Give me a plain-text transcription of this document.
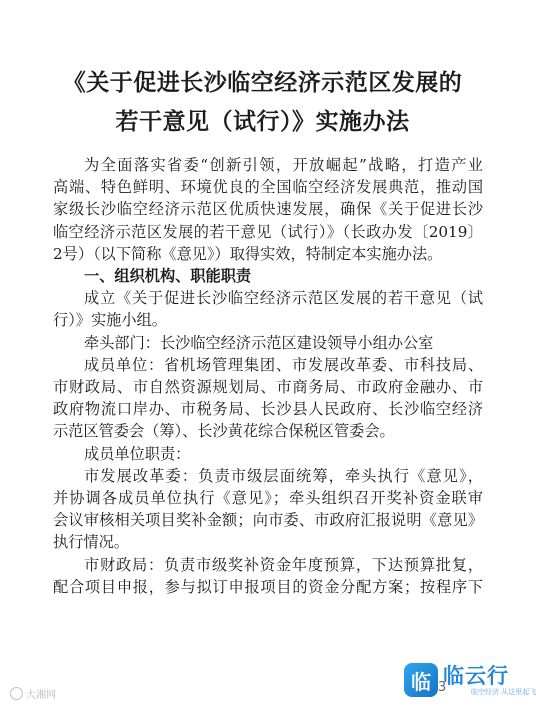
《关于促进长沙临空经济示范区发展的
若干意见（试行）》实施办法
为全面落实省委“创新引领，开放崛起”战略，打造产业
高端、特色鲜明、环境优良的全国临空经济发展典范，推动国
家级长沙临空经济示范区优质快速发展，确保《关于促进长沙
临空经济示范区发展的若干意见（试行）》（长政办发〔2019〕
2号）（以下简称《意见》）取得实效，特制定本实施办法。
一、组织机构、职能职责
成立《关于促进长沙临空经济示范区发展的若干意见（试
行）》实施小组。
牵头部门：长沙临空经济示范区建设领导小组办公室
成员单位：省机场管理集团、市发展改革委、市科技局、
市财政局、市自然资源规划局、市商务局、市政府金融办、市
政府物流口岸办、市税务局、长沙县人民政府、长沙临空经济
示范区管委会（筹）、长沙黄花综合保税区管委会。
成员单位职责：
市发展改革委：负责市级层面统筹，牵头执行《意见》，
并协调各成员单位执行《意见》；牵头组织召开奖补资金联审
会议审核相关项目奖补金额；向市委、市政府汇报说明《意见》
执行情况。
市财政局：负责市级奖补资金年度预算，下达预算批复，
配合项目申报，参与拟订申报项目的资金分配方案；按程序下
大湘网
3
临 临云行
临空经济 从这里起飞
